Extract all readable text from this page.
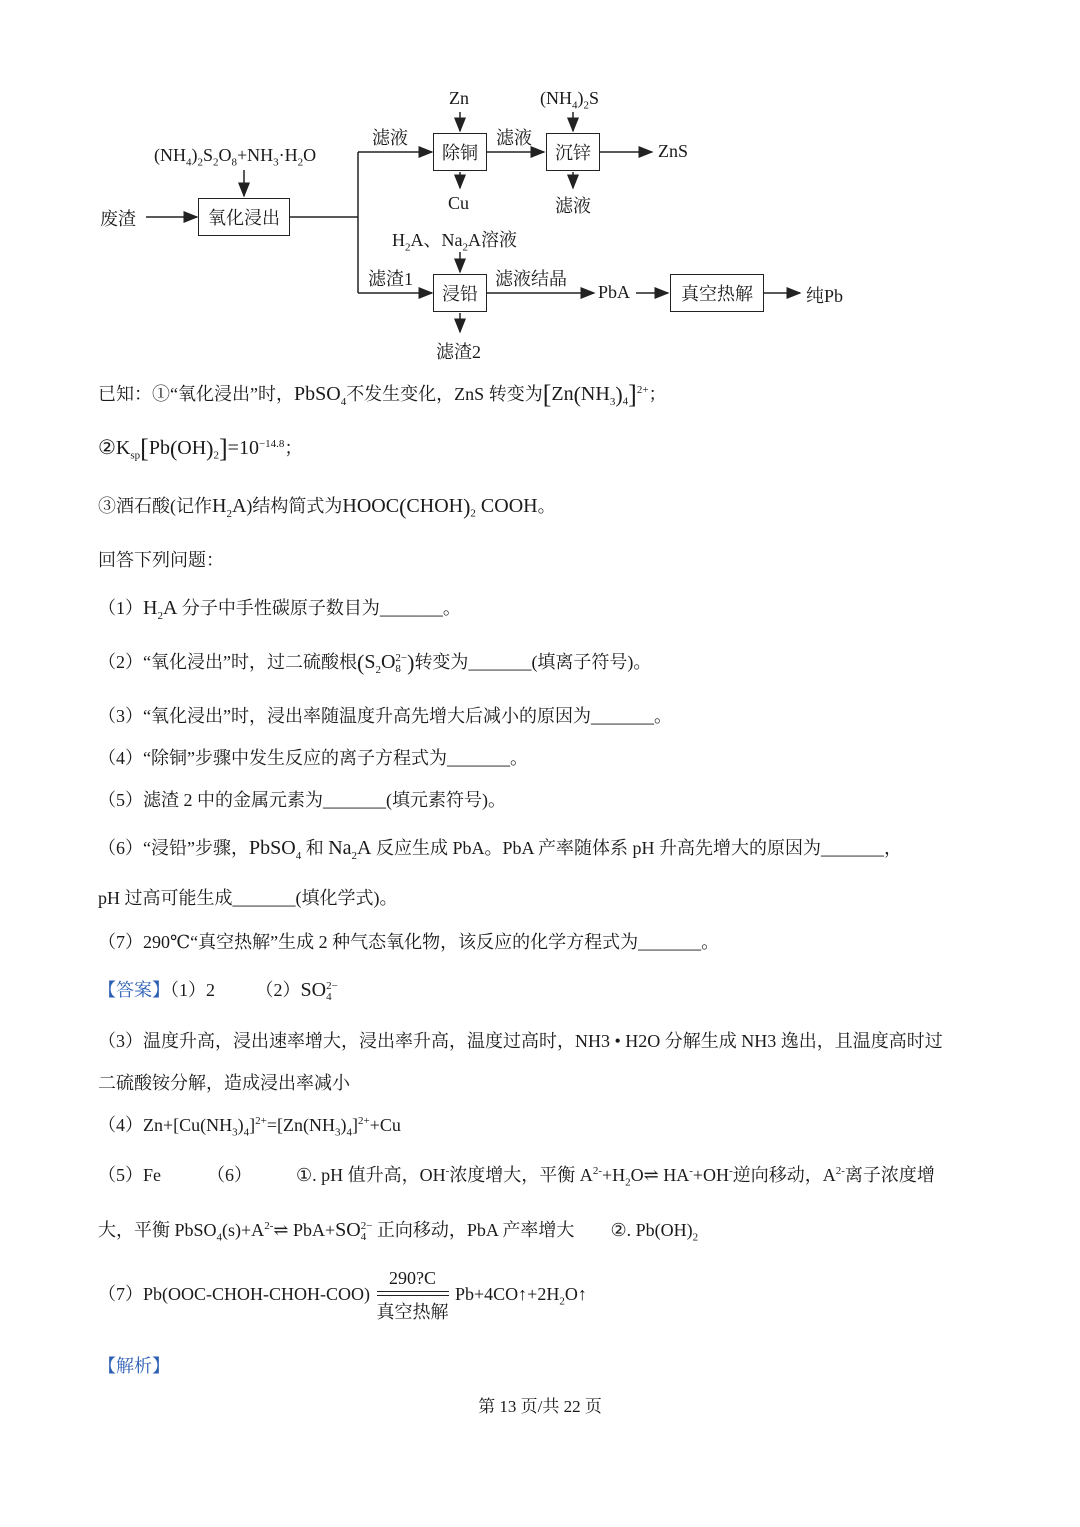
废渣
$(NH_4)_2S_2O_8+NH_3\cdot H_2O$
氧化浸出
滤液
Zn
除铜
Cu
滤液
$(NH_4)_2S$
沉锌	ZnS
滤液
$H_2A$、$Na_2A$溶液
滤渣1
浸铅
滤渣2
滤液结晶
PbA	真空热解	纯Pb
已知：①“氧化浸出”时，PbSO$_4$不发生变化，ZnS 转变为$[Zn(NH_3)_4]^{2+}$；
$②K_{sp}[Pb(OH)_2]=10^{-14.8}$；
③酒石酸(记作$H_2A$)结构简式为$HOOC(CHOH)_2$ COOH。
回答下列问题：
$(1)H_2A$ 分子中手性碳原子数目为_______。
（2）“氧化浸出”时，过二硫酸根($S_2O$ 2−
8 )转变为_______(填离子符号)。
（3）“氧化浸出”时，浸出率随温度升高先增大后减小的原因为_______。
（4）“除铜”步骤中发生反应的离子方程式为_______。
（5）滤渣 2 中的金属元素为_______(填元素符号)。
（6）“浸铅”步骤，PbSO$_4$ 和 $Na_2A$ 反应生成 PbA。PbA 产率随体系 pH 升高先增大的原因为_______，
pH 过高可能生成_______(填化学式)。
（7）290℃“真空热解”生成 2 种气态氧化物，该反应的化学方程式为_______。
【答案】（1）2 （2）SO 2−
4
（3）温度升高，浸出速率增大，浸出率升高，温度过高时，NH3 • H2O 分解生成 NH3 逸出，且温度高时过
二硫酸铵分解，造成浸出率减小
$(4)Zn+[Cu(NH_3)_4]^{2+}=[Zn(NH_3)_4]^{2+}+Cu$
（5）Fe	（6） ①. pH 值升高，OH-浓度增大，平衡 $A^{2-}+H_2O\rightleftharpoons$ HA-+OH-逆向移动，$A^{2-}$离子浓度增
大，平衡 $PbSO_4(s)+A^{2-}\rightleftharpoons$ PbA+SO 2−
4 正向移动，PbA 产率增大 ②. $Pb(OH)_2$
（7）Pb(OOC-CHOH-CHOH-COO) $\frac{290?C}{\text{真空热解}}$ $Pb+4CO↑+2H_2O↑$
【解析】
第 13 页/共 22 页
